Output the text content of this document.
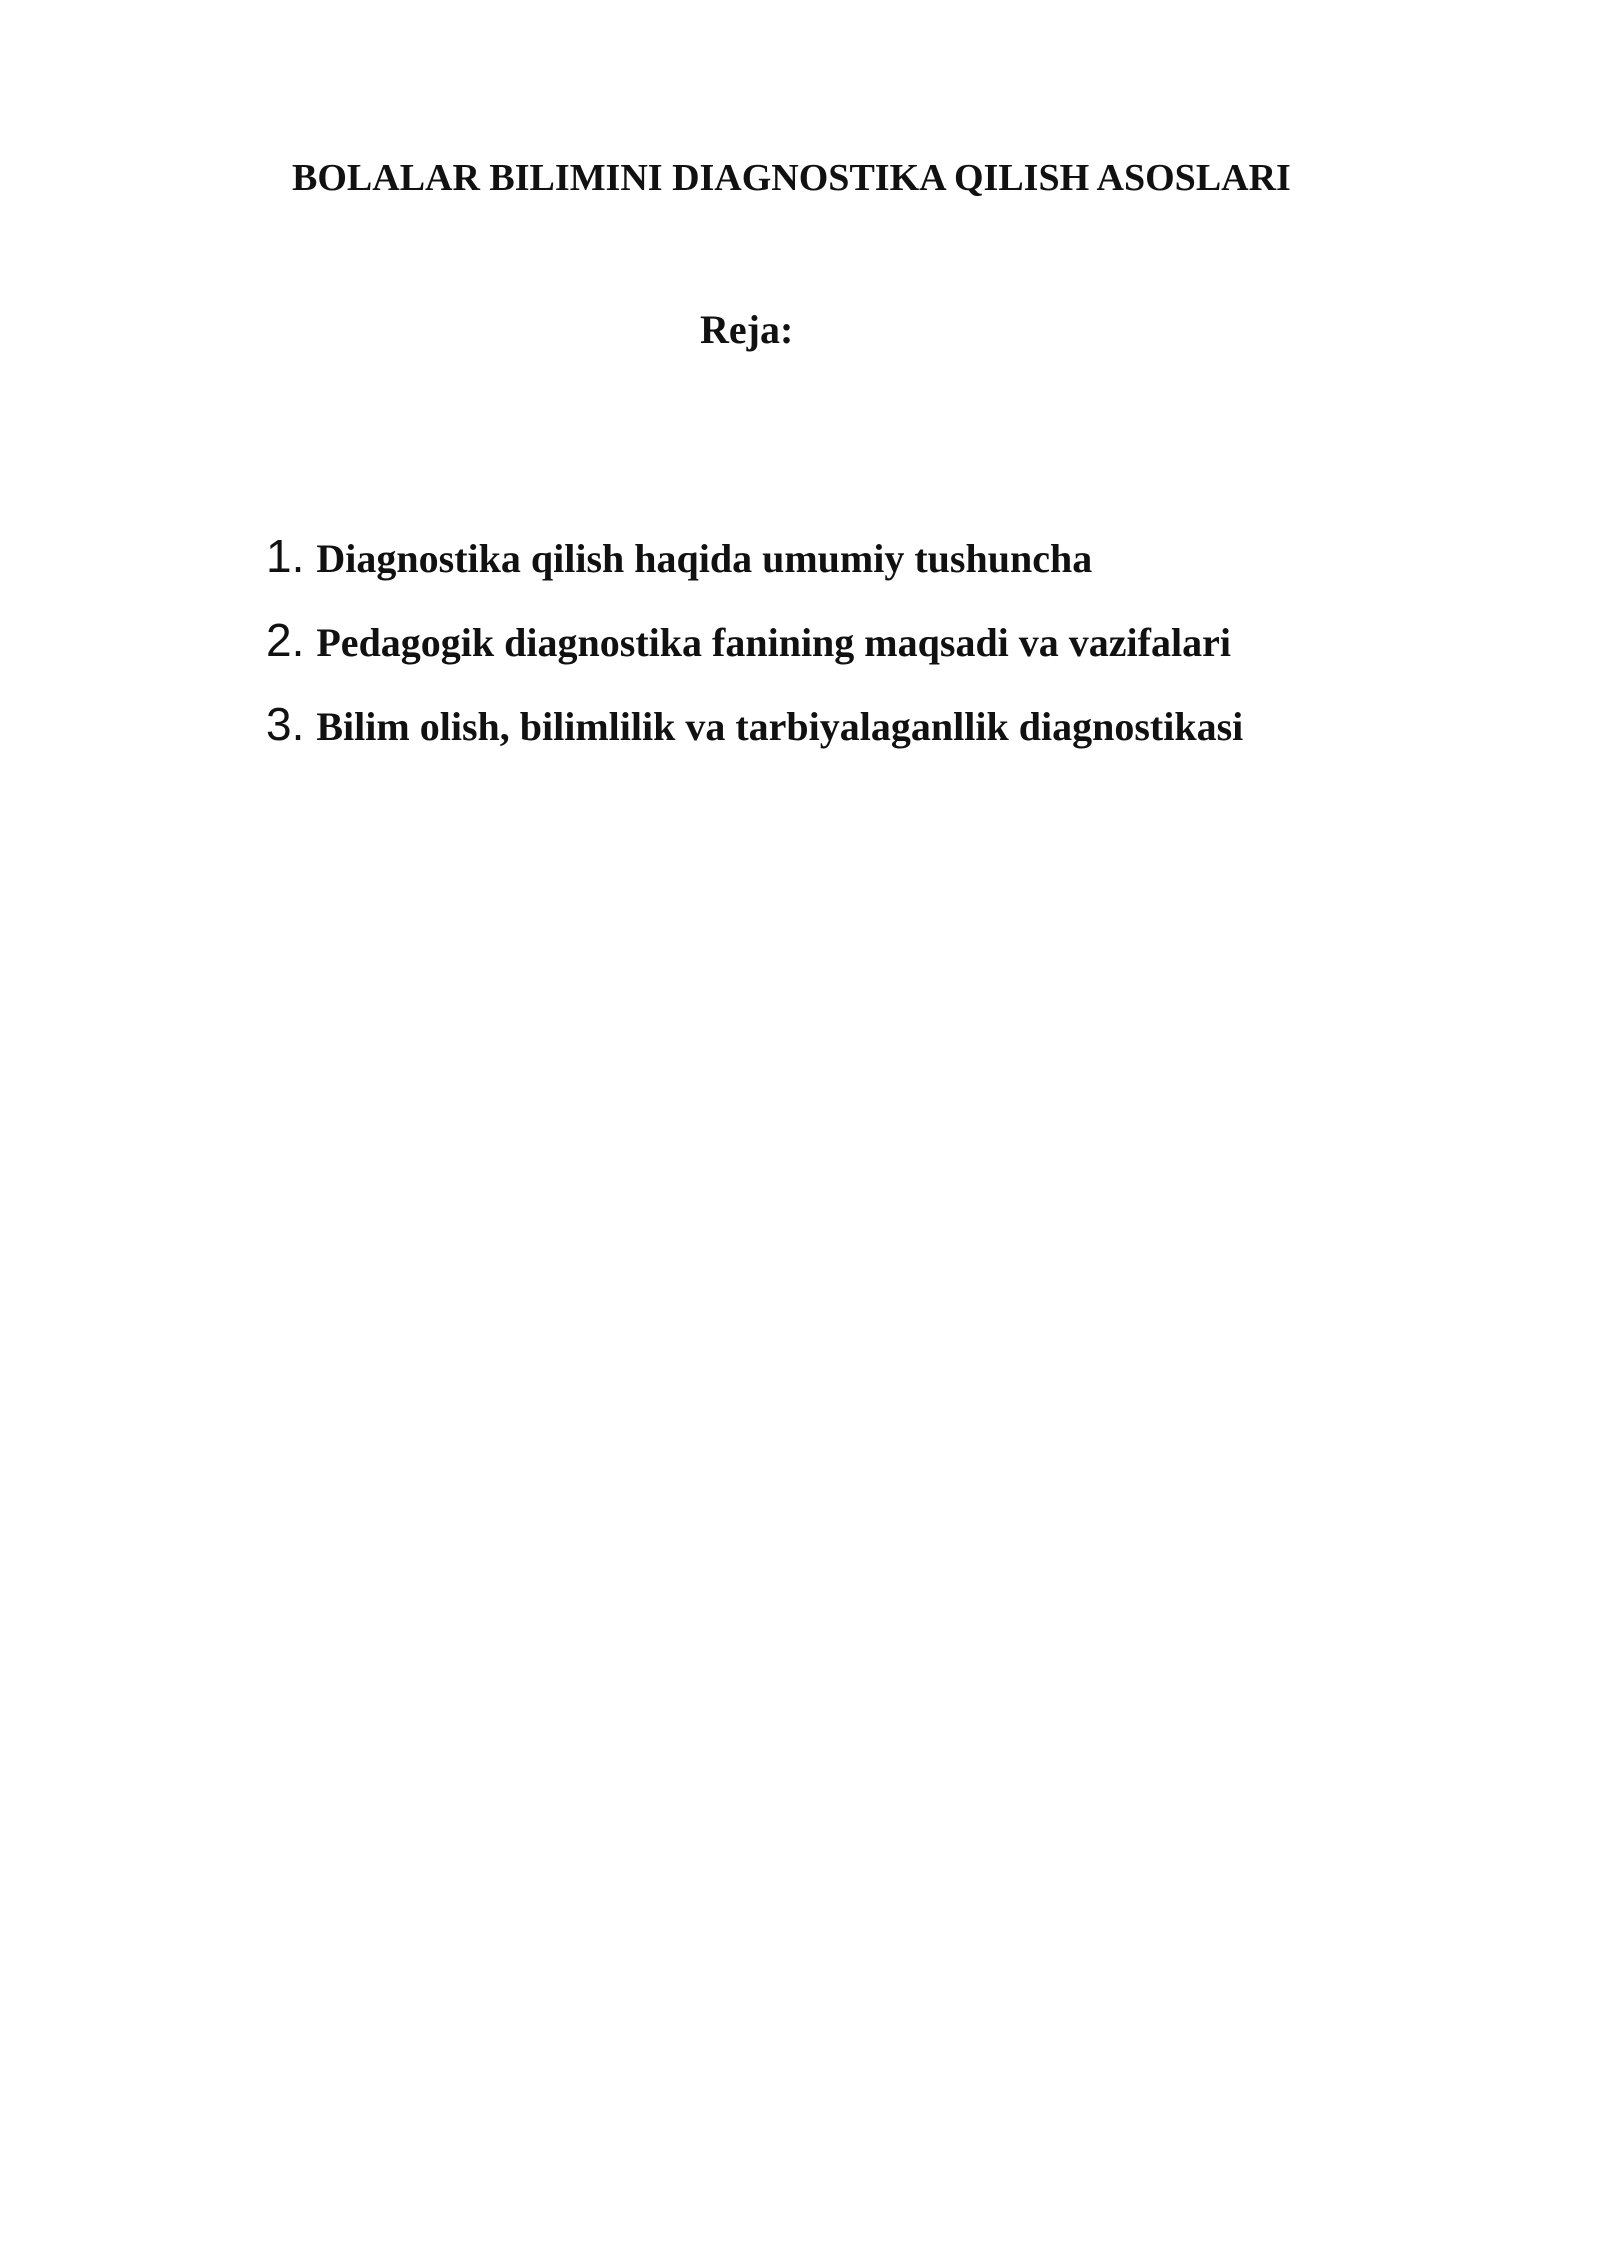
BOLALAR BILIMINI DIAGNOSTIKA QILISH ASOSLARI
Reja:
1. Diagnostika qilish haqida umumiy tushuncha
2. Pedagogik diagnostika fanining maqsadi va vazifalari
3. Bilim olish, bilimlilik va tarbiyalaganllik diagnostikasi
